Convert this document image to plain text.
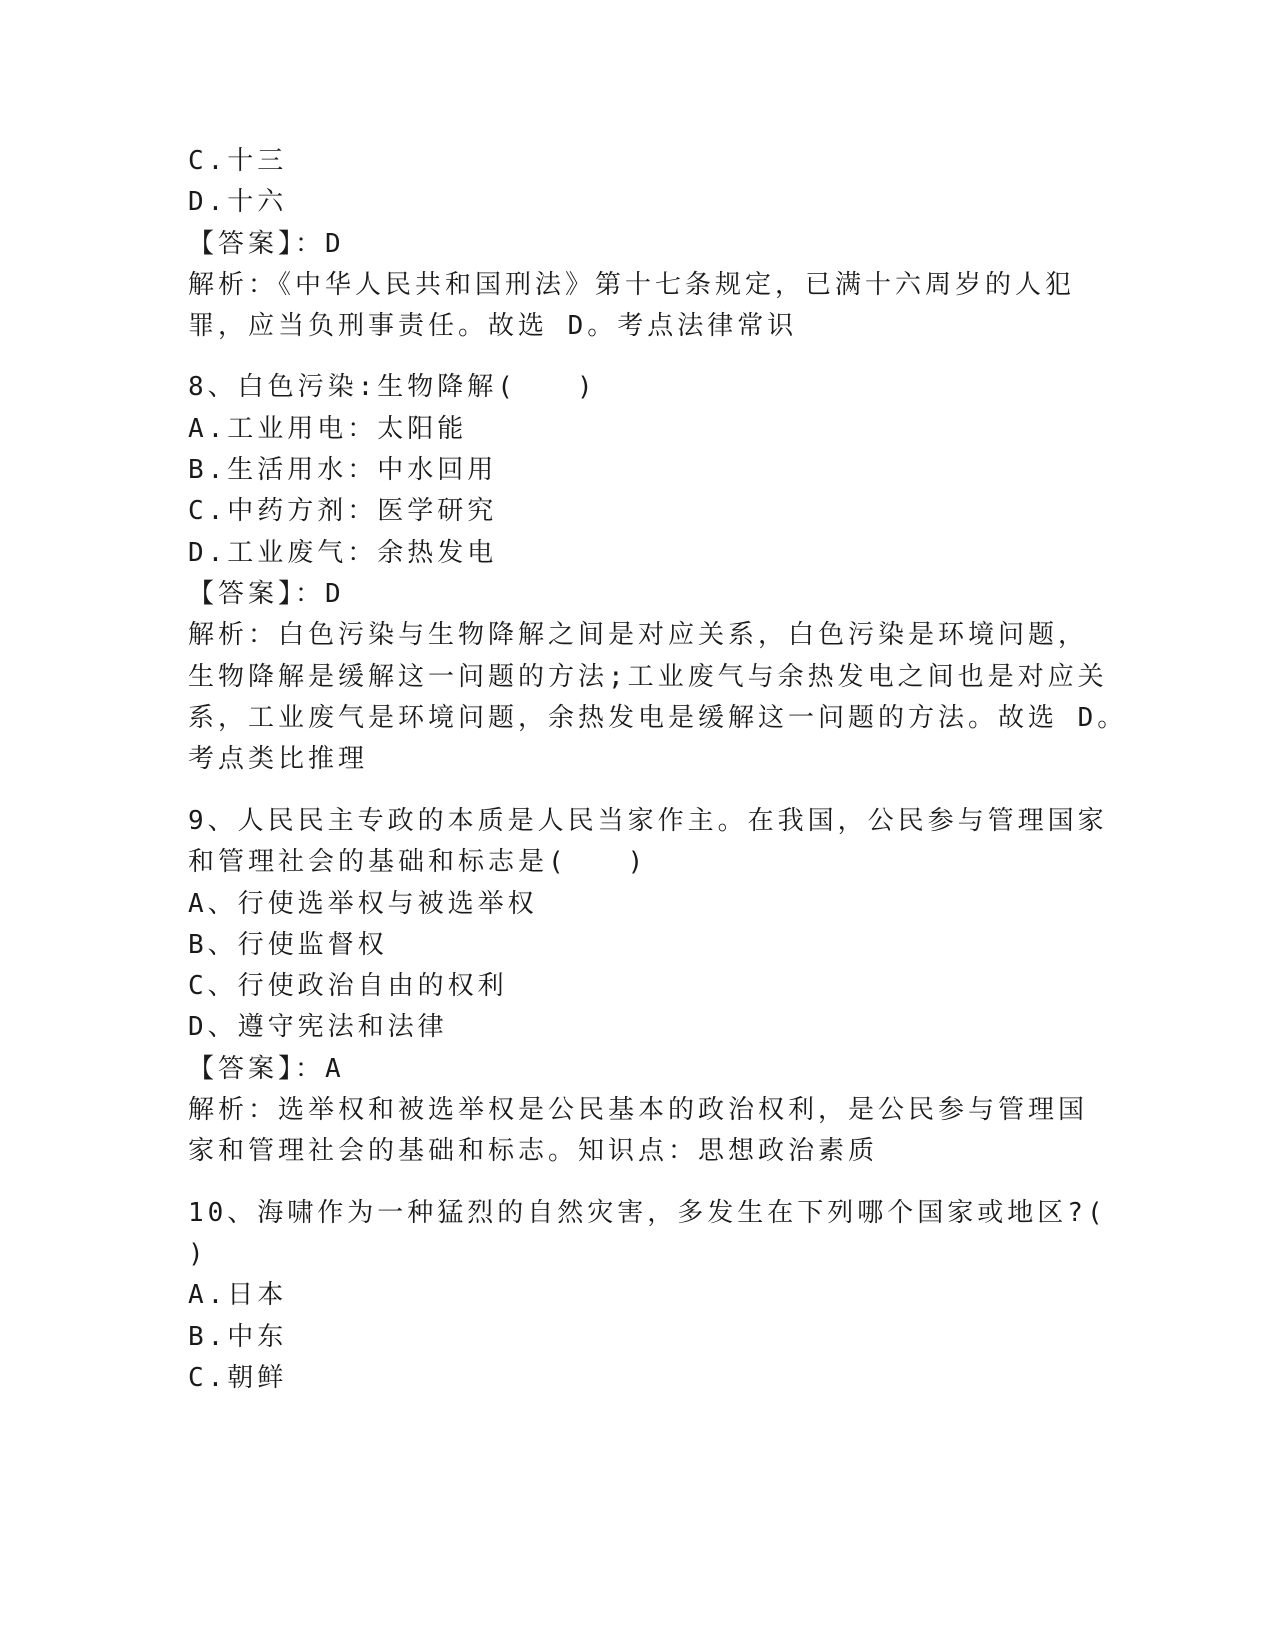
C.十三
D.十六
【答案】：D
解析：《中华人民共和国刑法》第十七条规定，已满十六周岁的人犯
罪，应当负刑事责任。故选 D。考点法律常识
8、白色污染:生物降解(　　)
A.工业用电：太阳能
B.生活用水：中水回用
C.中药方剂：医学研究
D.工业废气：余热发电
【答案】：D
解析：白色污染与生物降解之间是对应关系，白色污染是环境问题，
生物降解是缓解这一问题的方法;工业废气与余热发电之间也是对应关
系，工业废气是环境问题，余热发电是缓解这一问题的方法。故选 D。
考点类比推理
9、人民民主专政的本质是人民当家作主。在我国，公民参与管理国家
和管理社会的基础和标志是(　　)
A、行使选举权与被选举权
B、行使监督权
C、行使政治自由的权利
D、遵守宪法和法律
【答案】：A
解析：选举权和被选举权是公民基本的政治权利，是公民参与管理国
家和管理社会的基础和标志。知识点：思想政治素质
10、海啸作为一种猛烈的自然灾害，多发生在下列哪个国家或地区?(
)
A.日本
B.中东
C.朝鲜
